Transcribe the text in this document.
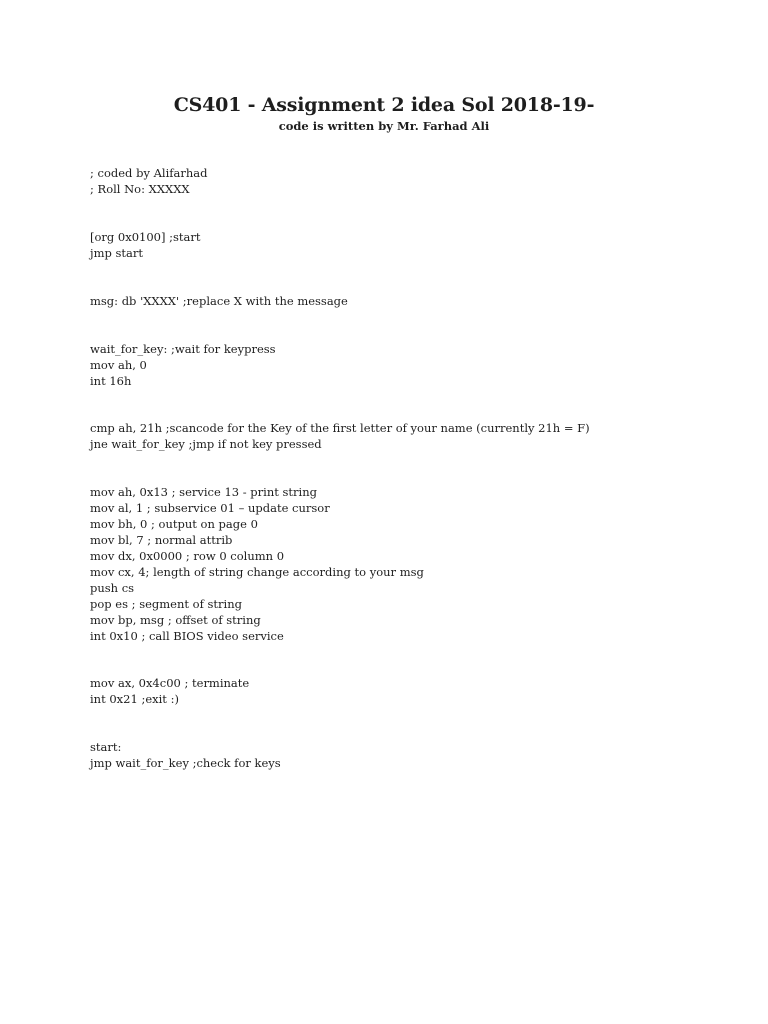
CS401 - Assignment 2 idea Sol 2018-19-

code is written by Mr. Farhad Ali

; coded by Alifarhad

; Roll No: XXXXX

[org 0x0100] ;start

jmp start

msg: db 'XXXX' ;replace X with the message

wait_for_key: ;wait for keypress

mov ah, 0

int 16h

cmp ah, 21h ;scancode for the Key of the first letter of your name (currently 21h = F)

jne wait_for_key ;jmp if not key pressed

mov ah, 0x13 ; service 13 - print string

mov al, 1 ; subservice 01 – update cursor

mov bh, 0 ; output on page 0

mov bl, 7 ; normal attrib

mov dx, 0x0000 ; row 0 column 0

mov cx, 4; length of string change according to your msg

push cs

pop es ; segment of string

mov bp, msg ; offset of string

int 0x10 ; call BIOS video service

mov ax, 0x4c00 ; terminate

int 0x21 ;exit :)

start:

jmp wait_for_key ;check for keys
